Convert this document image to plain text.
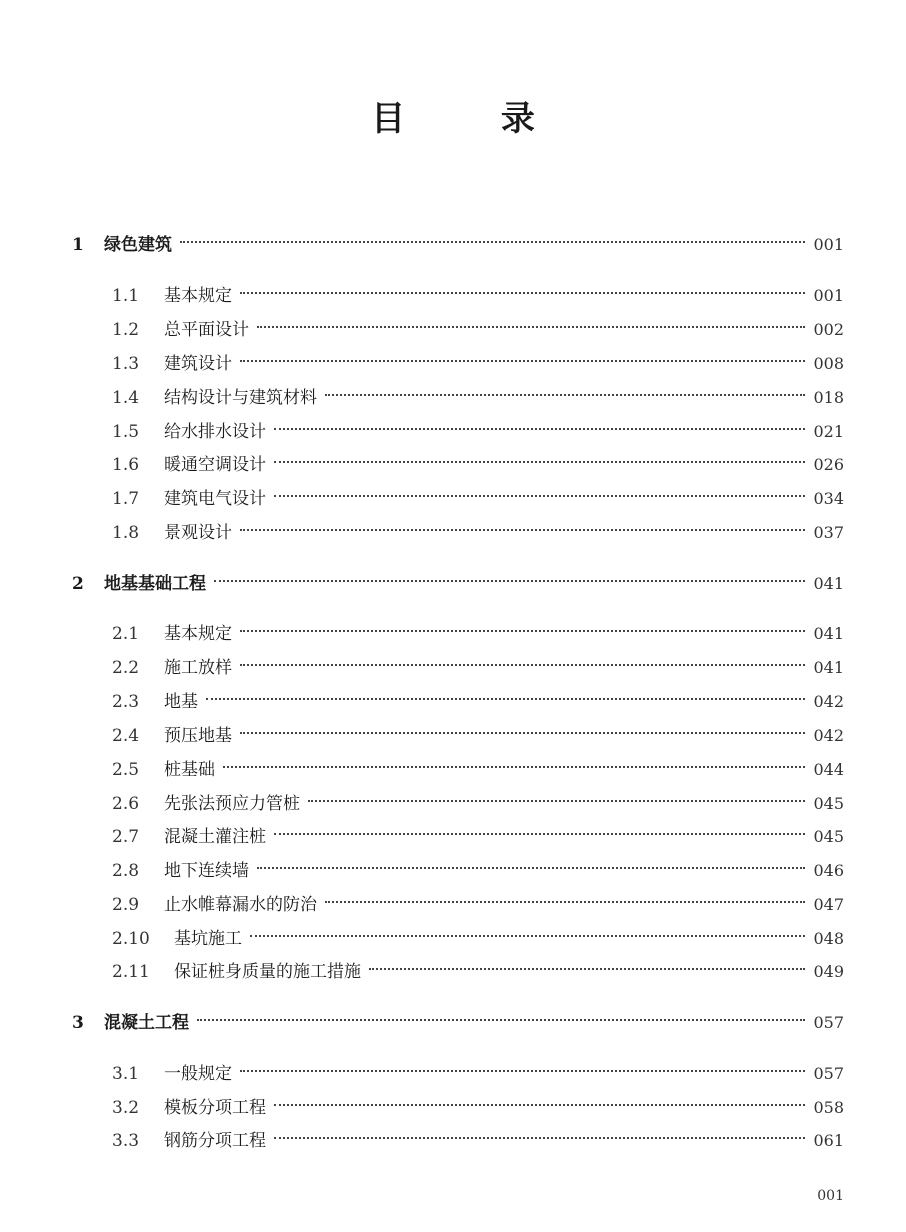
目 录
1	绿色建筑	001
1.1	基本规定	001
1.2	总平面设计	002
1.3	建筑设计	008
1.4	结构设计与建筑材料	018
1.5	给水排水设计	021
1.6	暖通空调设计	026
1.7	建筑电气设计	034
1.8	景观设计	037
2	地基基础工程	041
2.1	基本规定	041
2.2	施工放样	041
2.3	地基	042
2.4	预压地基	042
2.5	桩基础	044
2.6	先张法预应力管桩	045
2.7	混凝土灌注桩	045
2.8	地下连续墙	046
2.9	止水帷幕漏水的防治	047
2.10	基坑施工	048
2.11	保证桩身质量的施工措施	049
3	混凝土工程	057
3.1	一般规定	057
3.2	模板分项工程	058
3.3	钢筋分项工程	061
001
